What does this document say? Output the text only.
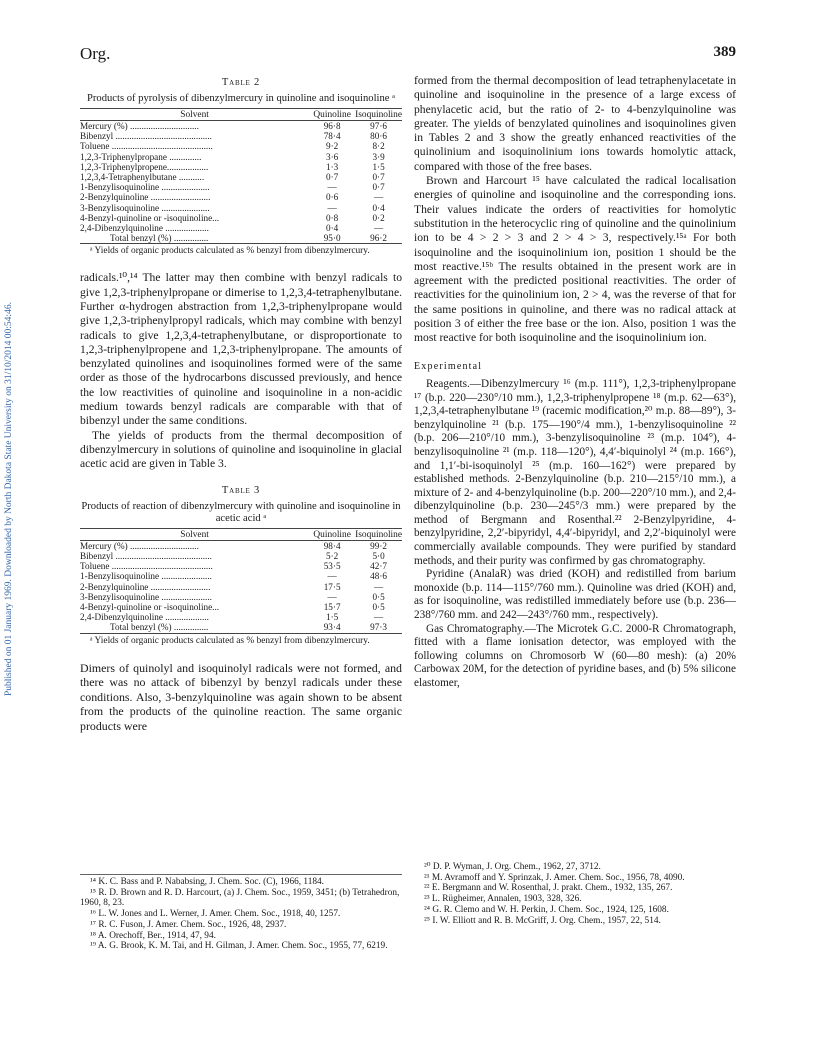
Org.	389
Published on 01 January 1969. Downloaded by North Dakota State University on 31/10/2014 00:54:46.
Table 2
Products of pyrolysis of dibenzylmercury in quinoline and isoquinoline ᵃ
Solvent	Quinoline	Isoquinoline
Mercury (%) ..............................	96·8	97·6
Bibenzyl ..........................................	78·4	80·6
Toluene ............................................	9·2	8·2
1,2,3-Triphenylpropane ..............	3·6	3·9
1,2,3-Triphenylpropene..................	1·3	1·5
1,2,3,4-Tetraphenylbutane ...........	0·7	0·7
1-Benzylisoquinoline .....................	—	0·7
2-Benzylquinoline ..........................	0·6	—
3-Benzylisoquinoline .....................	—	0·4
4-Benzyl-quinoline or -isoquinoline...	0·8	0·2
2,4-Dibenzylquinoline ...................	0·4	—
Total benzyl (%) ...............	95·0	96·2

ᵃ Yields of organic products calculated as % benzyl from dibenzylmercury.

radicals.¹⁰,¹⁴ The latter may then combine with benzyl radicals to give 1,2,3-triphenylpropane or dimerise to 1,2,3,4-tetraphenylbutane. Further α-hydrogen abstraction from 1,2,3-triphenylpropane would give 1,2,3-triphenylpropyl radicals, which may combine with benzyl radicals to give 1,2,3,4-tetraphenylbutane, or disproportionate to 1,2,3-triphenylpropene and 1,2,3-triphenylpropane. The amounts of benzylated quinolines and isoquinolines formed were of the same order as those of the hydrocarbons discussed previously, and hence the low reactivities of quinoline and isoquinoline in a non-acidic medium towards benzyl radicals are comparable with that of bibenzyl under the same conditions.

The yields of products from the thermal decomposition of dibenzylmercury in solutions of quinoline and isoquinoline in glacial acetic acid are given in Table 3.

Table 3
Products of reaction of dibenzylmercury with quinoline and isoquinoline in acetic acid ᵃ
Solvent	Quinoline	Isoquinoline
Mercury (%) ..............................	98·4	99·2
Bibenzyl ..........................................	5·2	5·0
Toluene ............................................	53·5	42·7
1-Benzylisoquinoline ......................	—	48·6
2-Benzylquinoline ..........................	17·5	—
3-Benzylisoquinoline ......................	—	0·5
4-Benzyl-quinoline or -isoquinoline...	15·7	0·5
2,4-Dibenzylquinoline ...................	1·5	—
Total benzyl (%) ...............	93·4	97·3

ᵃ Yields of organic products calculated as % benzyl from dibenzylmercury.

Dimers of quinolyl and isoquinolyl radicals were not formed, and there was no attack of bibenzyl by benzyl radicals under these conditions. Also, 3-benzylquinoline was again shown to be absent from the products of the quinoline reaction. The same organic products were

formed from the thermal decomposition of lead tetraphenylacetate in quinoline and isoquinoline in the presence of a large excess of phenylacetic acid, but the ratio of 2- to 4-benzylquinoline was greater. The yields of benzylated quinolines and isoquinolines given in Tables 2 and 3 show the greatly enhanced reactivities of the quinolinium and isoquinolinium ions towards homolytic attack, compared with those of the free bases.

Brown and Harcourt ¹⁵ have calculated the radical localisation energies of quinoline and isoquinoline and the corresponding ions. Their values indicate the orders of reactivities for homolytic substitution in the heterocyclic ring of quinoline and the quinolinium ion to be 4 > 2 > 3 and 2 > 4 > 3, respectively.¹⁵ᵃ For both isoquinoline and the isoquinolinium ion, position 1 should be the most reactive.¹⁵ᵇ The results obtained in the present work are in agreement with the predicted positional reactivities. The order of reactivities for the quinolinium ion, 2 > 4, was the reverse of that for the same positions in quinoline, and there was no radical attack at position 3 of either the free base or the ion. Also, position 1 was the most reactive for both isoquinoline and the isoquinolinium ion.

Experimental

Reagents.—Dibenzylmercury ¹⁶ (m.p. 111°), 1,2,3-triphenylpropane ¹⁷ (b.p. 220—230°/10 mm.), 1,2,3-triphenylpropene ¹⁸ (m.p. 62—63°), 1,2,3,4-tetraphenylbutane ¹⁹ (racemic modification,²⁰ m.p. 88—89°), 3-benzylquinoline ²¹ (b.p. 175—190°/4 mm.), 1-benzylisoquinoline ²² (b.p. 206—210°/10 mm.), 3-benzylisoquinoline ²³ (m.p. 104°), 4-benzylisoquinoline ²¹ (m.p. 118—120°), 4,4′-biquinolyl ²⁴ (m.p. 166°), and 1,1′-bi-isoquinolyl ²⁵ (m.p. 160—162°) were prepared by established methods. 2-Benzylquinoline (b.p. 210—215°/10 mm.), a mixture of 2- and 4-benzylquinoline (b.p. 200—220°/10 mm.), and 2,4-dibenzylquinoline (b.p. 230—245°/3 mm.) were prepared by the method of Bergmann and Rosenthal.²² 2-Benzylpyridine, 4-benzylpyridine, 2,2′-bipyridyl, 4,4′-bipyridyl, and 2,2′-biquinolyl were commercially available compounds. They were purified by standard methods, and their purity was confirmed by gas chromatography.

Pyridine (AnalaR) was dried (KOH) and redistilled from barium monoxide (b.p. 114—115°/760 mm.). Quinoline was dried (KOH) and, as for isoquinoline, was redistilled immediately before use (b.p. 236—238°/760 mm. and 242—243°/760 mm., respectively).

Gas Chromatography.—The Microtek G.C. 2000-R Chromatograph, fitted with a flame ionisation detector, was employed with the following columns on Chromosorb W (60—80 mesh): (a) 20% Carbowax 20M, for the detection of pyridine bases, and (b) 5% silicone elastomer,

¹⁴ K. C. Bass and P. Nababsing, J. Chem. Soc. (C), 1966, 1184.
¹⁵ R. D. Brown and R. D. Harcourt, (a) J. Chem. Soc., 1959, 3451; (b) Tetrahedron, 1960, 8, 23.
¹⁶ L. W. Jones and L. Werner, J. Amer. Chem. Soc., 1918, 40, 1257.
¹⁷ R. C. Fuson, J. Amer. Chem. Soc., 1926, 48, 2937.
¹⁸ A. Orechoff, Ber., 1914, 47, 94.
¹⁹ A. G. Brook, K. M. Tai, and H. Gilman, J. Amer. Chem. Soc., 1955, 77, 6219.
²⁰ D. P. Wyman, J. Org. Chem., 1962, 27, 3712.
²¹ M. Avramoff and Y. Sprinzak, J. Amer. Chem. Soc., 1956, 78, 4090.
²² E. Bergmann and W. Rosenthal, J. prakt. Chem., 1932, 135, 267.
²³ L. Rügheimer, Annalen, 1903, 328, 326.
²⁴ G. R. Clemo and W. H. Perkin, J. Chem. Soc., 1924, 125, 1608.
²⁵ I. W. Elliott and R. B. McGriff, J. Org. Chem., 1957, 22, 514.
